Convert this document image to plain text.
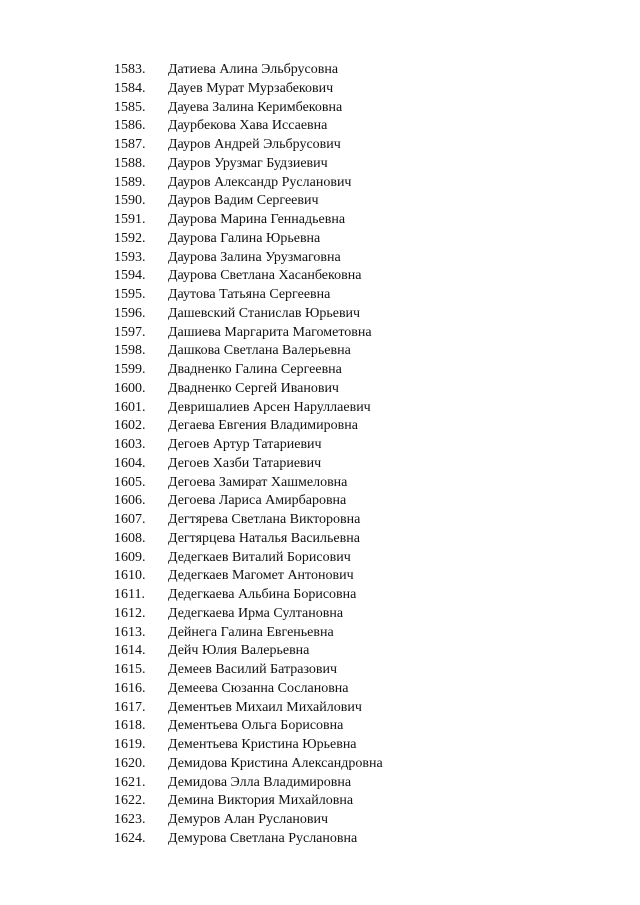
1583. Датиева Алина Эльбрусовна
1584. Дауев Мурат Мурзабекович
1585. Дауева Залина Керимбековна
1586. Даурбекова Хава Иссаевна
1587. Дауров Андрей Эльбрусович
1588. Дауров Урузмаг Будзиевич
1589. Дауров Александр Русланович
1590. Дауров Вадим Сергеевич
1591. Даурова Марина Геннадьевна
1592. Даурова Галина Юрьевна
1593. Даурова Залина Урузмаговна
1594. Даурова Светлана Хасанбековна
1595. Даутова Татьяна Сергеевна
1596. Дашевский Станислав Юрьевич
1597. Дашиева Маргарита Магометовна
1598. Дашкова Светлана Валерьевна
1599. Двадненко Галина Сергеевна
1600. Двадненко Сергей Иванович
1601. Девришалиев Арсен Наруллаевич
1602. Дегаева Евгения Владимировна
1603. Дегоев Артур Татариевич
1604. Дегоев Хазби Татариевич
1605. Дегоева Замират Хашмеловна
1606. Дегоева Лариса Амирбаровна
1607. Дегтярева Светлана Викторовна
1608. Дегтярцева Наталья Васильевна
1609. Дедегкаев Виталий Борисович
1610. Дедегкаев Магомет Антонович
1611. Дедегкаева Альбина Борисовна
1612. Дедегкаева Ирма Султановна
1613. Дейнега Галина Евгеньевна
1614. Дейч Юлия Валерьевна
1615. Демеев Василий Батразович
1616. Демеева Сюзанна Сослановна
1617. Дементьев Михаил Михайлович
1618. Дементьева Ольга Борисовна
1619. Дементьева Кристина Юрьевна
1620. Демидова Кристина Александровна
1621. Демидова Элла Владимировна
1622. Демина Виктория Михайловна
1623. Демуров Алан Русланович
1624. Демурова Светлана Руслановна
